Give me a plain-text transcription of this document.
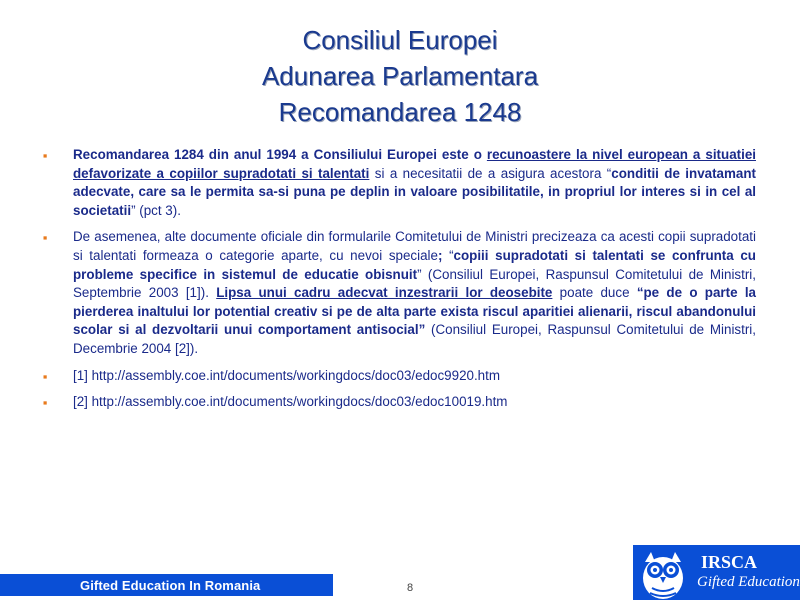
Consiliul Europei
Adunarea Parlamentara
Recomandarea 1248
▪ Recomandarea 1284 din anul 1994 a Consiliului Europei este o recunoastere la nivel european a situatiei defavorizate a copiilor supradotati si talentati si a necesitatii de a asigura acestora “conditii de invatamant adecvate, care sa le permita sa-si puna pe deplin in valoare posibilitatile, in propriul lor interes si in cel al societatii” (pct 3).
▪ De asemenea, alte documente oficiale din formularile Comitetului de Ministri precizeaza ca acesti copii supradotati si talentati formeaza o categorie aparte, cu nevoi speciale; “copiii supradotati si talentati se confrunta cu probleme specifice in sistemul de educatie obisnuit” (Consiliul Europei, Raspunsul Comitetului de Ministri, Septembrie 2003 [1]). Lipsa unui cadru adecvat inzestrarii lor deosebite poate duce “pe de o parte la pierderea inaltului lor potential creativ si pe de alta parte exista riscul aparitiei alienarii, riscul abandonului scolar si al dezvoltarii unui comportament antisocial” (Consiliul Europei, Raspunsul Comitetului de Ministri, Decembrie 2004 [2]).
▪ [1] http://assembly.coe.int/documents/workingdocs/doc03/edoc9920.htm
▪ [2] http://assembly.coe.int/documents/workingdocs/doc03/edoc10019.htm
Gifted Education In Romania	8
IRSCA
Gifted Education
